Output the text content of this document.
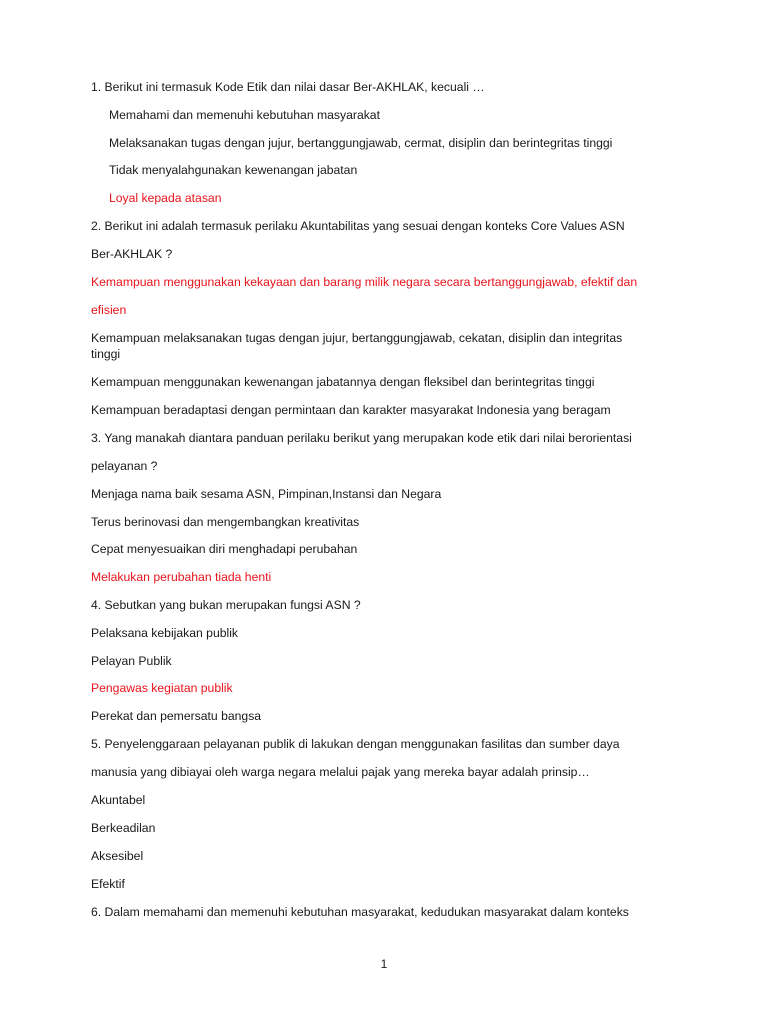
1. Berikut ini termasuk Kode Etik dan nilai dasar Ber-AKHLAK, kecuali …
Memahami dan memenuhi kebutuhan masyarakat
Melaksanakan tugas dengan jujur, bertanggungjawab, cermat, disiplin dan berintegritas tinggi
Tidak menyalahgunakan kewenangan jabatan
Loyal kepada atasan
2. Berikut ini adalah termasuk perilaku Akuntabilitas yang sesuai dengan konteks Core Values ASN
Ber-AKHLAK ?
Kemampuan menggunakan kekayaan dan barang milik negara secara bertanggungjawab, efektif dan
efisien
Kemampuan melaksanakan tugas dengan jujur, bertanggungjawab, cekatan, disiplin dan integritas
tinggi
Kemampuan menggunakan kewenangan jabatannya dengan fleksibel dan berintegritas tinggi
Kemampuan beradaptasi dengan permintaan dan karakter masyarakat Indonesia yang beragam
3. Yang manakah diantara panduan perilaku berikut yang merupakan kode etik dari nilai berorientasi
pelayanan ?
Menjaga nama baik sesama ASN, Pimpinan,Instansi dan Negara
Terus berinovasi dan mengembangkan kreativitas
Cepat menyesuaikan diri menghadapi perubahan
Melakukan perubahan tiada henti
4. Sebutkan yang bukan merupakan fungsi ASN ?
Pelaksana kebijakan publik
Pelayan Publik
Pengawas kegiatan publik
Perekat dan pemersatu bangsa
5. Penyelenggaraan pelayanan publik di lakukan dengan menggunakan fasilitas dan sumber daya
manusia yang dibiayai oleh warga negara melalui pajak yang mereka bayar adalah prinsip…
Akuntabel
Berkeadilan
Aksesibel
Efektif
6. Dalam memahami dan memenuhi kebutuhan masyarakat, kedudukan masyarakat dalam konteks
1
